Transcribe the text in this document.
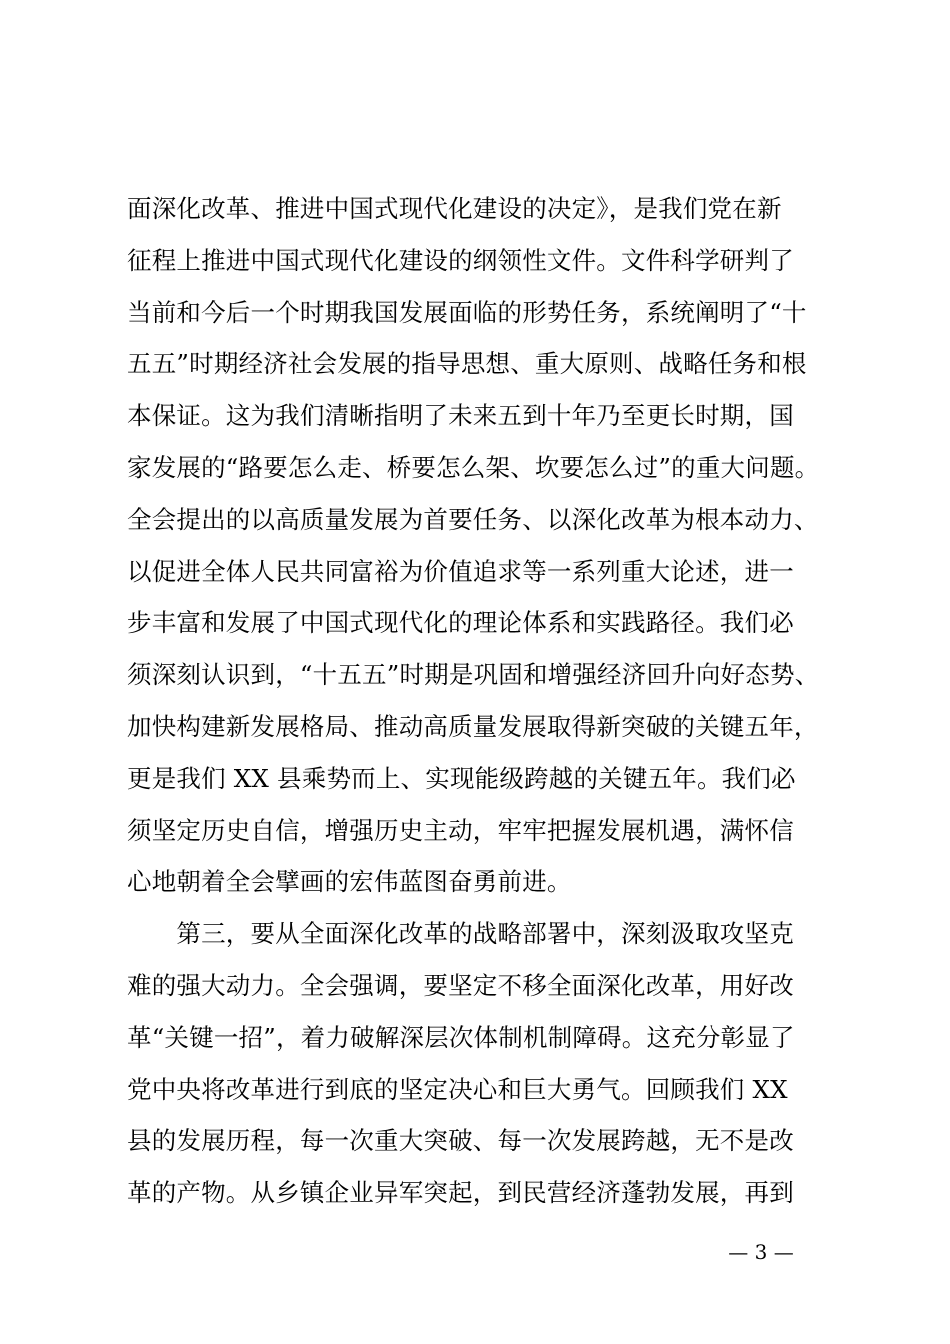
面深化改革、推进中国式现代化建设的决定》，是我们党在新
征程上推进中国式现代化建设的纲领性文件。文件科学研判了
当前和今后一个时期我国发展面临的形势任务，系统阐明了“十
五五”时期经济社会发展的指导思想、重大原则、战略任务和根
本保证。这为我们清晰指明了未来五到十年乃至更长时期，国
家发展的“路要怎么走、桥要怎么架、坎要怎么过”的重大问题。
全会提出的以高质量发展为首要任务、以深化改革为根本动力、
以促进全体人民共同富裕为价值追求等一系列重大论述，进一
步丰富和发展了中国式现代化的理论体系和实践路径。我们必
须深刻认识到，“十五五”时期是巩固和增强经济回升向好态势、
加快构建新发展格局、推动高质量发展取得新突破的关键五年，
更是我们 XX 县乘势而上、实现能级跨越的关键五年。我们必
须坚定历史自信，增强历史主动，牢牢把握发展机遇，满怀信
心地朝着全会擘画的宏伟蓝图奋勇前进。
　　第三，要从全面深化改革的战略部署中，深刻汲取攻坚克
难的强大动力。全会强调，要坚定不移全面深化改革，用好改
革“关键一招”，着力破解深层次体制机制障碍。这充分彰显了
党中央将改革进行到底的坚定决心和巨大勇气。回顾我们 XX
县的发展历程，每一次重大突破、每一次发展跨越，无不是改
革的产物。从乡镇企业异军突起，到民营经济蓬勃发展，再到
— 3 —
